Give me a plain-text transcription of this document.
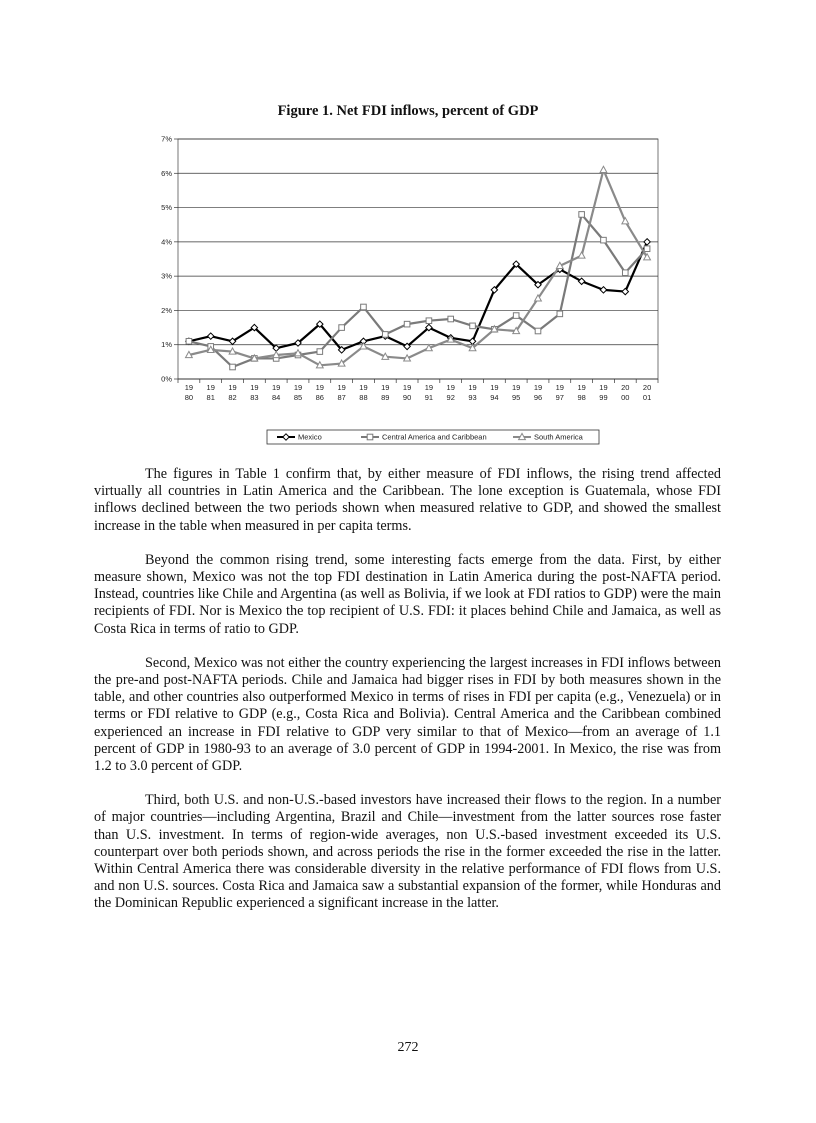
Figure 1. Net FDI inflows, percent of GDP
0%
1%
2%
3%
4%
5%
6%
7%
19
80
19
81
19
82
19
83
19
84
19
85
19
86
19
87
19
88
19
89
19
90
19
91
19
92
19
93
19
94
19
95
19
96
19
97
19
98
19
99
20
00
20
01
Mexico	Central America and Caribbean	South America

The figures in Table 1 confirm that, by either measure of FDI inflows, the rising trend affected virtually all countries in Latin America and the Caribbean. The lone exception is Guatemala, whose FDI inflows declined between the two periods shown when measured relative to GDP, and showed the smallest increase in the table when measured in per capita terms.

Beyond the common rising trend, some interesting facts emerge from the data. First, by either measure shown, Mexico was not the top FDI destination in Latin America during the post-NAFTA period. Instead, countries like Chile and Argentina (as well as Bolivia, if we look at FDI ratios to GDP) were the main recipients of FDI. Nor is Mexico the top recipient of U.S. FDI: it places behind Chile and Jamaica, as well as Costa Rica in terms of ratio to GDP.

Second, Mexico was not either the country experiencing the largest increases in FDI inflows between the pre-and post-NAFTA periods. Chile and Jamaica had bigger rises in FDI by both measures shown in the table, and other countries also outperformed Mexico in terms of rises in FDI per capita (e.g., Venezuela) or in terms or FDI relative to GDP (e.g., Costa Rica and Bolivia). Central America and the Caribbean combined experienced an increase in FDI relative to GDP very similar to that of Mexico—from an average of 1.1 percent of GDP in 1980-93 to an average of 3.0 percent of GDP in 1994-2001. In Mexico, the rise was from 1.2 to 3.0 percent of GDP.

Third, both U.S. and non-U.S.-based investors have increased their flows to the region. In a number of major countries—including Argentina, Brazil and Chile—investment from the latter sources rose faster than U.S. investment. In terms of region-wide averages, non U.S.-based investment exceeded its U.S. counterpart over both periods shown, and across periods the rise in the former exceeded the rise in the latter. Within Central America there was considerable diversity in the relative performance of FDI flows from U.S. and non U.S. sources. Costa Rica and Jamaica saw a substantial expansion of the former, while Honduras and the Dominican Republic experienced a significant increase in the latter.

272
